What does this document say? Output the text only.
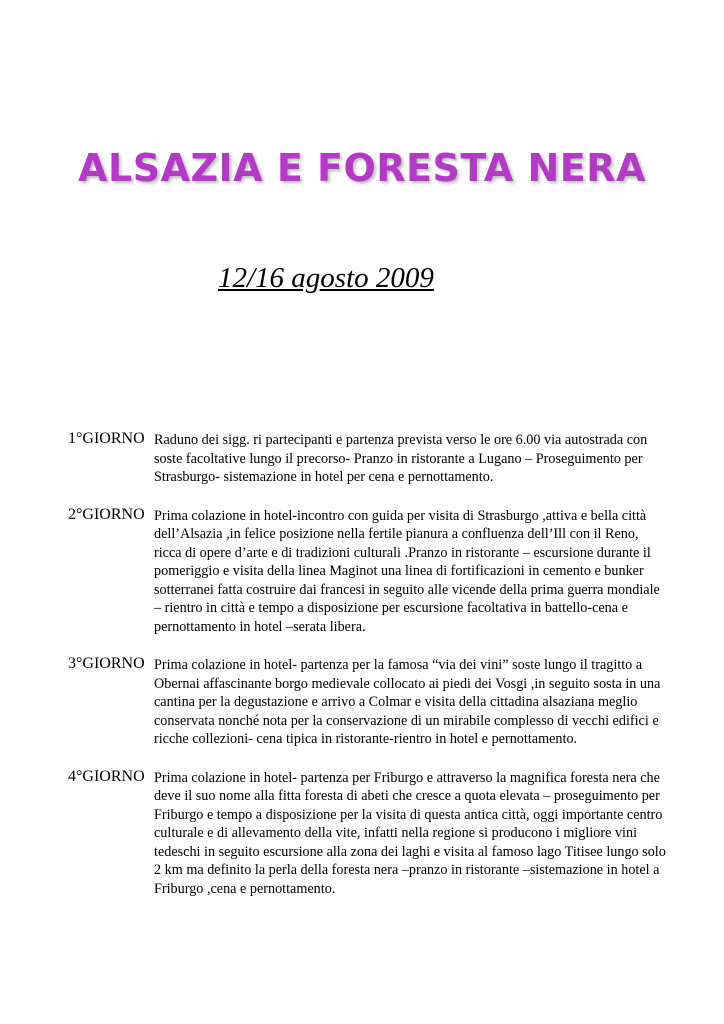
ALSAZIA E FORESTA NERA

12/16 agosto 2009

1°GIORNO Raduno dei sigg. ri partecipanti e partenza prevista verso le ore 6.00 via autostrada con soste facoltative lungo il precorso- Pranzo in ristorante a Lugano – Proseguimento per Strasburgo- sistemazione in hotel per cena e pernottamento.
2°GIORNO Prima colazione in hotel-incontro con guida per visita di Strasburgo ,attiva e bella città dell’Alsazia ,in felice posizione nella fertile pianura a confluenza dell’Ill con il Reno, ricca di opere d’arte e di tradizioni culturali .Pranzo in ristorante – escursione durante il pomeriggio e visita della linea Maginot una linea di fortificazioni in cemento e bunker sotterranei fatta costruire dai francesi in seguito alle vicende della prima guerra mondiale – rientro in città e tempo a disposizione per escursione facoltativa in battello-cena e pernottamento in hotel –serata libera.
3°GIORNO Prima colazione in hotel- partenza per la famosa “via dei vini” soste lungo il tragitto a Obernai affascinante borgo medievale collocato ai piedi dei Vosgi ,in seguito sosta in una cantina per la degustazione e arrivo a Colmar e visita della cittadina alsaziana meglio conservata nonché nota per la conservazione di un mirabile complesso di vecchi edifici e ricche collezioni- cena tipica in ristorante-rientro in hotel e pernottamento.
4°GIORNO Prima colazione in hotel- partenza per Friburgo e attraverso la magnifica foresta nera che deve il suo nome alla fitta foresta di abeti che cresce a quota elevata – proseguimento per Friburgo e tempo a disposizione per la visita di questa antica città, oggi importante centro culturale e di allevamento della vite, infatti nella regione si producono i migliore vini tedeschi in seguito escursione alla zona dei laghi e visita al famoso lago Titisee lungo solo 2 km ma definito la perla della foresta nera –pranzo in ristorante –sistemazione in hotel a Friburgo ,cena e pernottamento.
